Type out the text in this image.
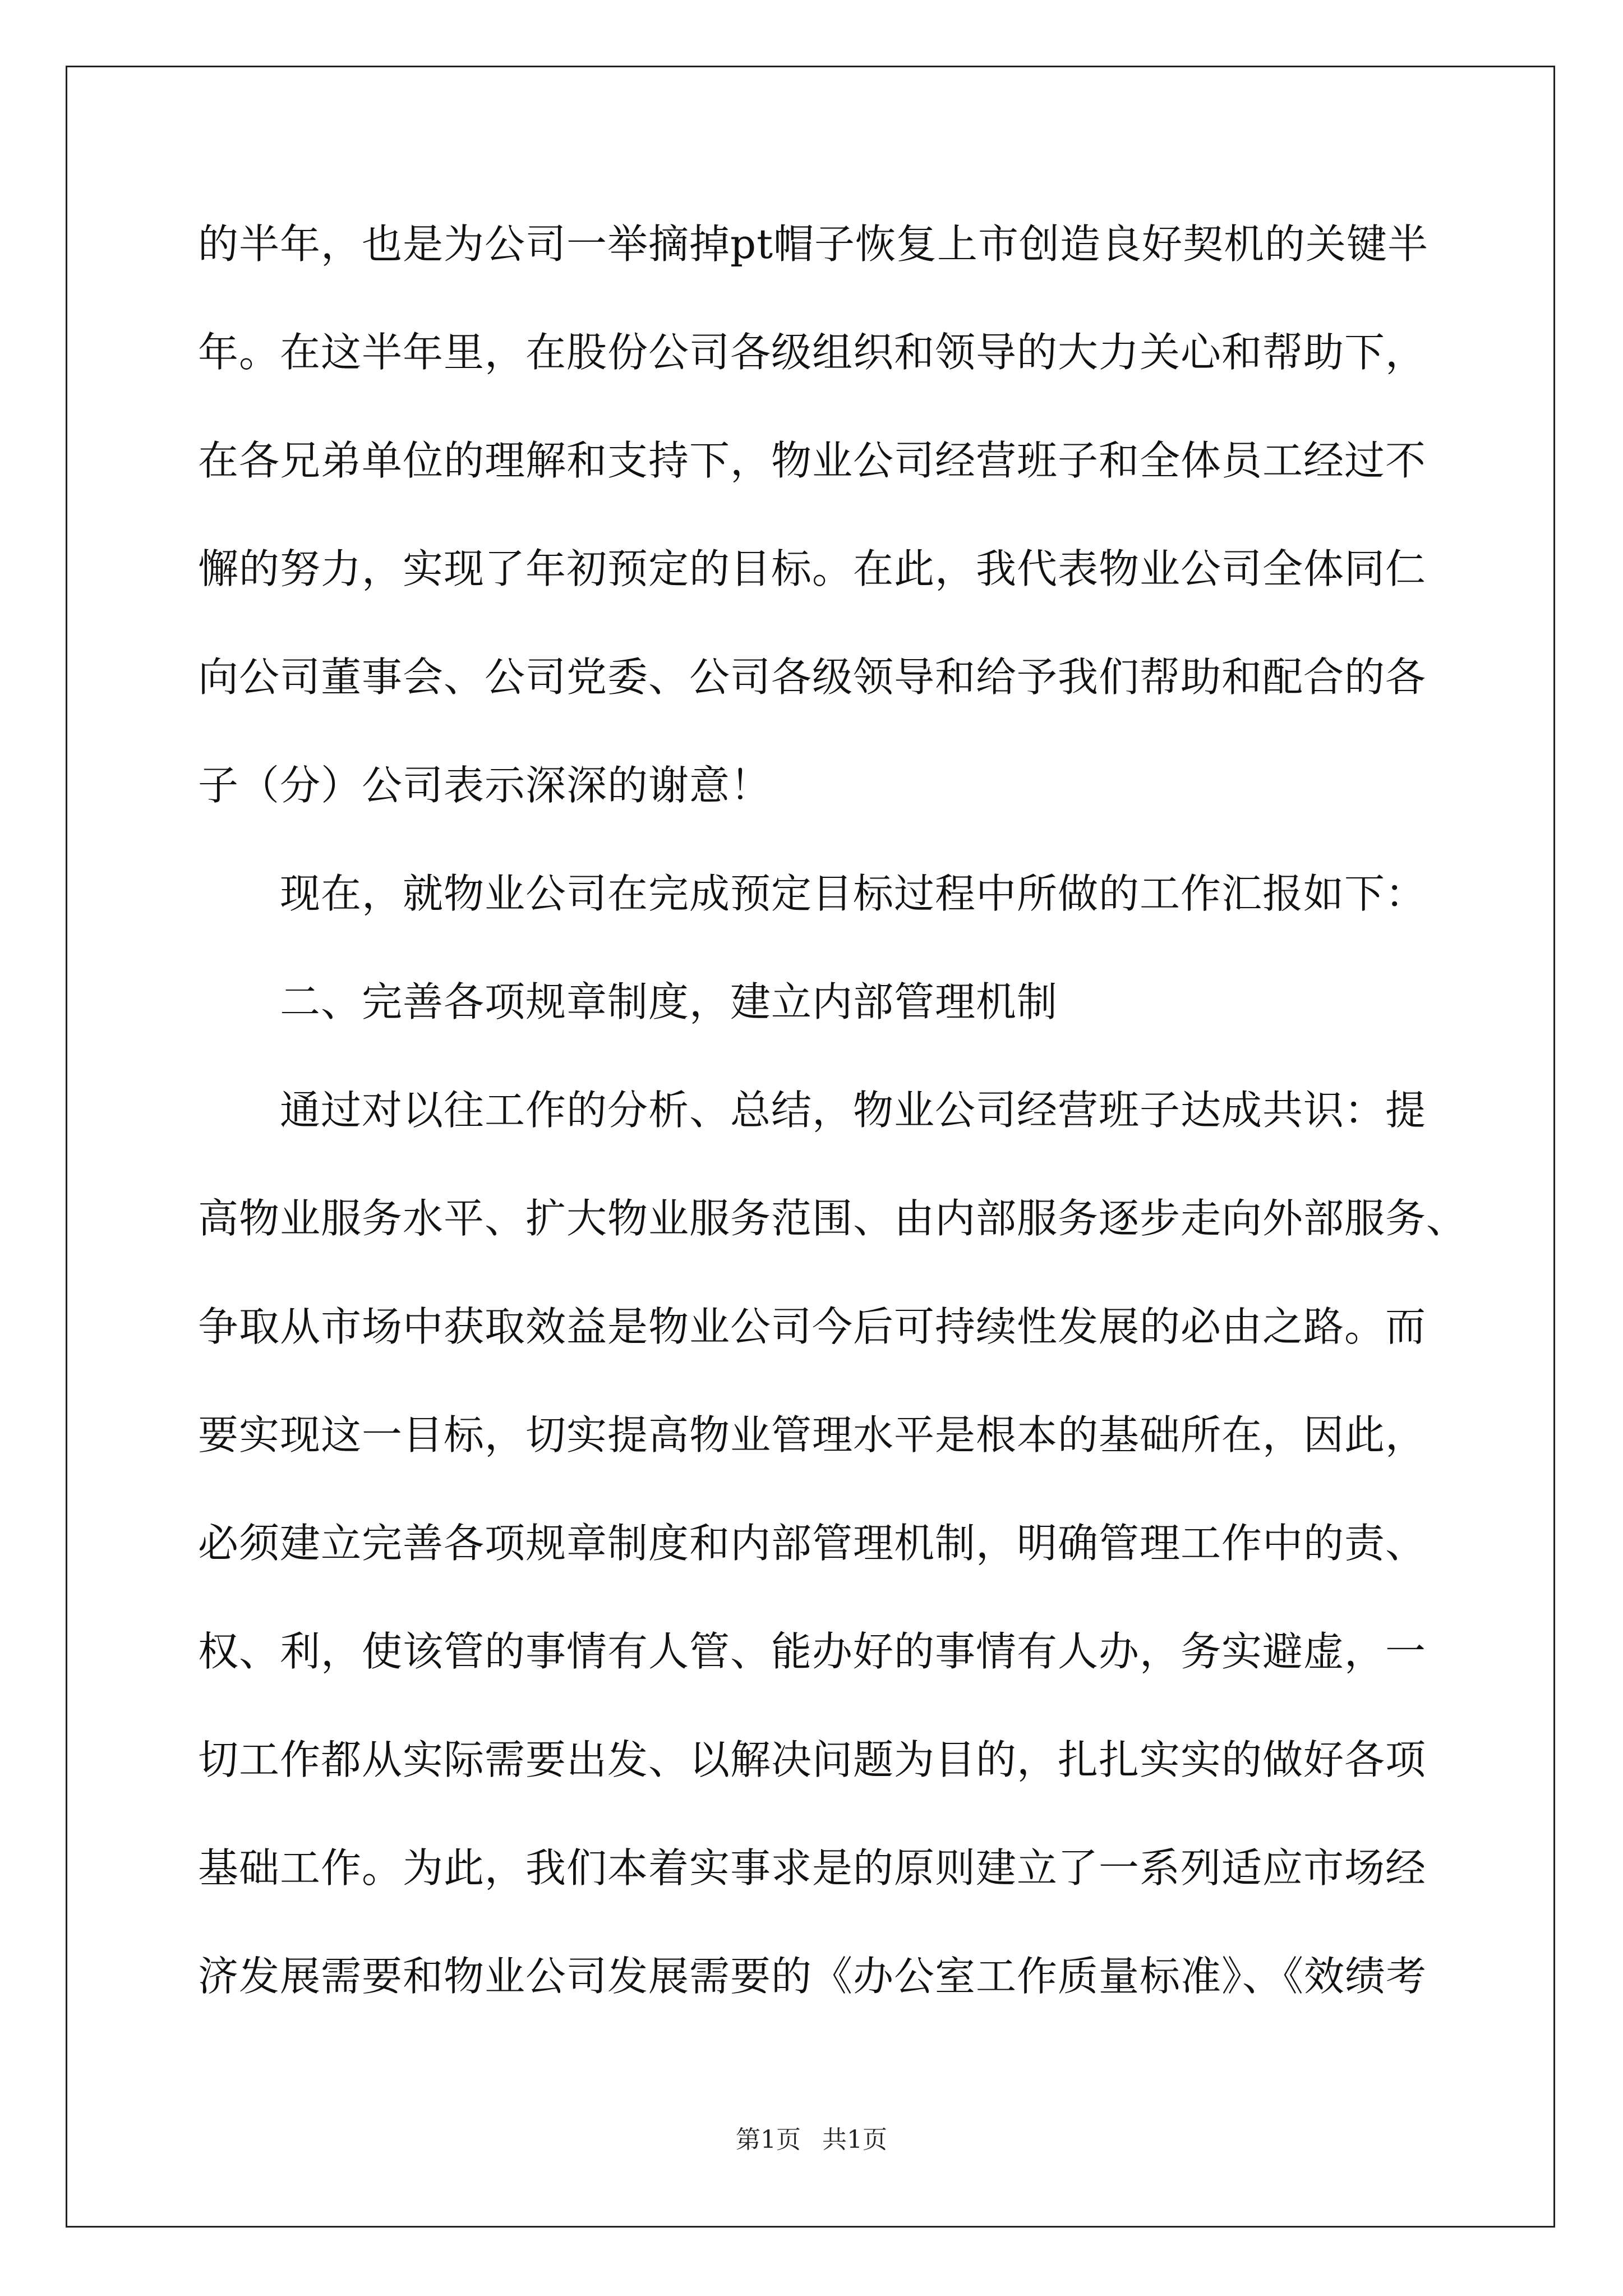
的半年，也是为公司一举摘掉pt帽子恢复上市创造良好契机的关键半
年。在这半年里，在股份公司各级组织和领导的大力关心和帮助下，
在各兄弟单位的理解和支持下，物业公司经营班子和全体员工经过不
懈的努力，实现了年初预定的目标。在此，我代表物业公司全体同仁
向公司董事会、公司党委、公司各级领导和给予我们帮助和配合的各
子（分）公司表示深深的谢意！
现在，就物业公司在完成预定目标过程中所做的工作汇报如下：
二、完善各项规章制度，建立内部管理机制
通过对以往工作的分析、总结，物业公司经营班子达成共识：提
高物业服务水平、扩大物业服务范围、由内部服务逐步走向外部服务、
争取从市场中获取效益是物业公司今后可持续性发展的必由之路。而
要实现这一目标，切实提高物业管理水平是根本的基础所在，因此，
必须建立完善各项规章制度和内部管理机制，明确管理工作中的责、
权、利，使该管的事情有人管、能办好的事情有人办，务实避虚，一
切工作都从实际需要出发、以解决问题为目的，扎扎实实的做好各项
基础工作。为此，我们本着实事求是的原则建立了一系列适应市场经
济发展需要和物业公司发展需要的《办公室工作质量标准》、《效绩考
第1页 共1页
